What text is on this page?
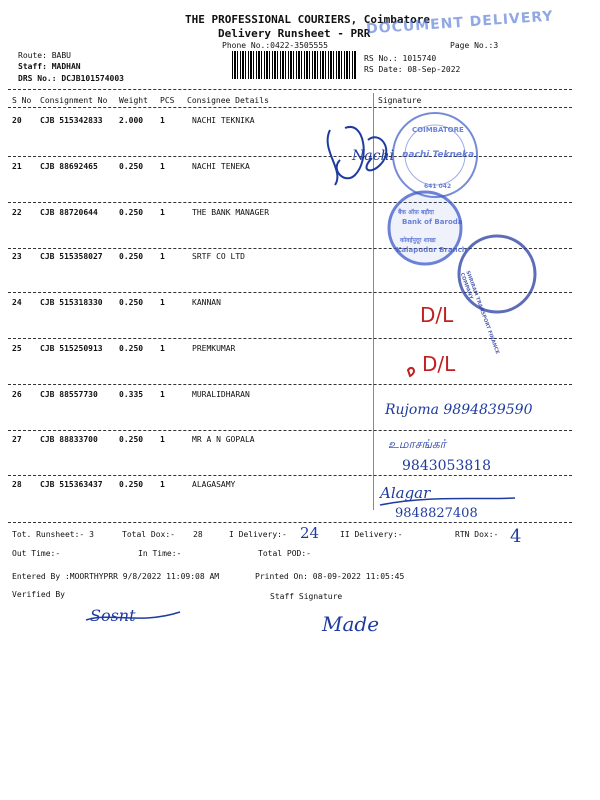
THE PROFESSIONAL COURIERS, Coimbatore
Delivery Runsheet - PRR
Phone No.:0422-3505555	Page No.:3
DOCUMENT DELIVERY
Route: BABU
Staff: MADHAN
DRS No.: DCJB101574003
RS No.: 1015740
RS Date: 08-Sep-2022
S No Consignment No Weight PCS Consignee Details	Signature
20 CJB 515342833 2.000 1	NACHI TEKNIKA
21 CJB 88692465	0.250 1	NACHI TENEKA
22 CJB 88720644	0.250 1	THE BANK MANAGER
23 CJB 515358027 0.250 1	SRTF CO LTD
24 CJB 515318330 0.250 1	KANNAN
25 CJB 515250913 0.250 1	PREMKUMAR
26 CJB 88557730	0.335 1	MURALIDHARAN
27 CJB 88833700	0.250 1	MR A N GOPALA
28 CJB 515363437 0.250 1	ALAGASAMY
Nachi
COIMBATORE
nachi Tekneka
641 042
बैंक ऑफ़ बड़ौदा
Bank of Baroda
कोवईपुदूर शाखा
Kalapudur Branch
SHRIRAM TRANSPORT FINANCE COMPANY
D/L
D/L
Rujoma 9894839590
உமாசங்கர்
9843053818
Alagar
9848827408
Tot. Runsheet:- 3	Total Dox:- 28	I Delivery:- 24	II Delivery:-	RTN Dox:- 4
Out Time:-	In Time:-	Total POD:-
Entered By :MOORTHYPRR 9/8/2022 11:09:08 AM	Printed On: 08-09-2022 11:05:45
Verified By	Staff Signature
Sosnt	Made
